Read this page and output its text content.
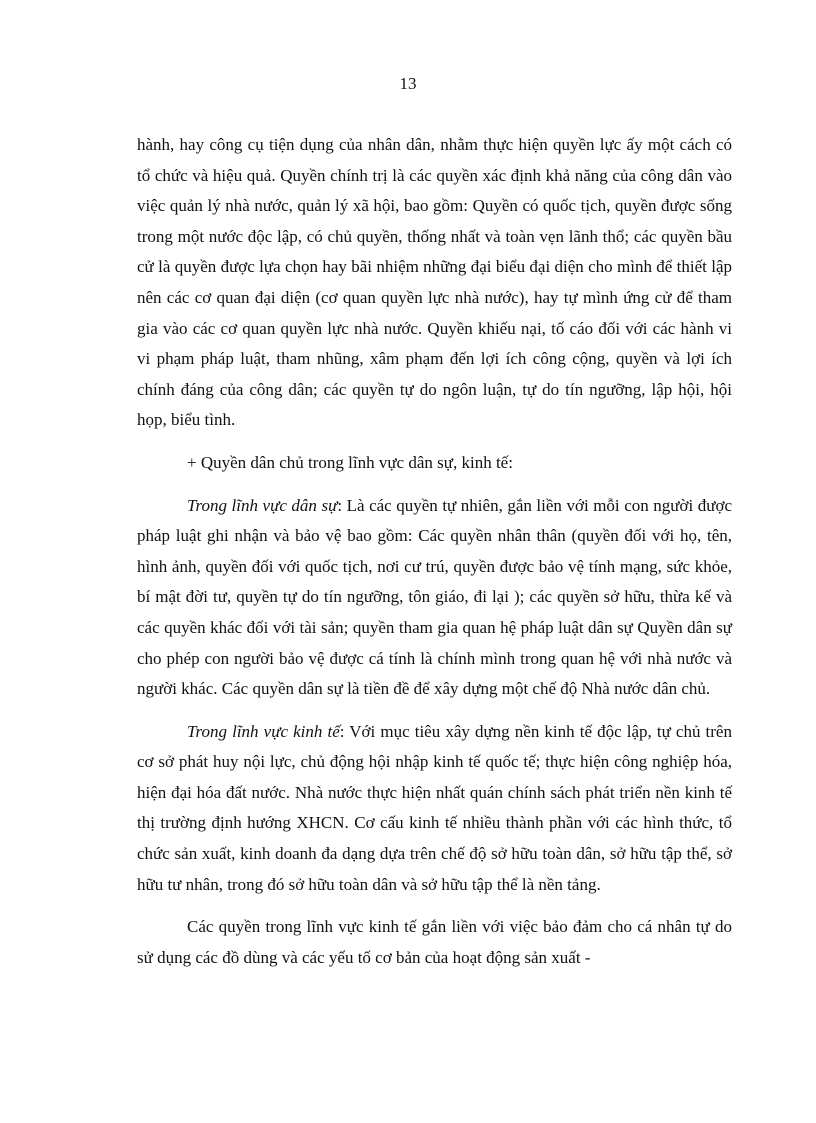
13

hành, hay công cụ tiện dụng của nhân dân, nhằm thực hiện quyền lực ấy một cách có tổ chức và hiệu quả. Quyền chính trị là các quyền xác định khả năng của công dân vào việc quản lý nhà nước, quản lý xã hội, bao gồm: Quyền có quốc tịch, quyền được sống trong một nước độc lập, có chủ quyền, thống nhất và toàn vẹn lãnh thổ; các quyền bầu cử là quyền được lựa chọn hay bãi nhiệm những đại biểu đại diện cho mình để thiết lập nên các cơ quan đại diện (cơ quan quyền lực nhà nước), hay tự mình ứng cử để tham gia vào các cơ quan quyền lực nhà nước. Quyền khiếu nại, tố cáo đối với các hành vi vi phạm pháp luật, tham nhũng, xâm phạm đến lợi ích công cộng, quyền và lợi ích chính đáng của công dân; các quyền tự do ngôn luận, tự do tín ngưỡng, lập hội, hội họp, biểu tình.

+ Quyền dân chủ trong lĩnh vực dân sự, kinh tế:

Trong lĩnh vực dân sự: Là các quyền tự nhiên, gắn liền với mỗi con người được pháp luật ghi nhận và bảo vệ bao gồm: Các quyền nhân thân (quyền đối với họ, tên, hình ảnh, quyền đối với quốc tịch, nơi cư trú, quyền được bảo vệ tính mạng, sức khỏe, bí mật đời tư, quyền tự do tín ngưỡng, tôn giáo, đi lại ); các quyền sở hữu, thừa kế và các quyền khác đối với tài sản; quyền tham gia quan hệ pháp luật dân sự Quyền dân sự cho phép con người bảo vệ được cá tính là chính mình trong quan hệ với nhà nước và người khác. Các quyền dân sự là tiền đề để xây dựng một chế độ Nhà nước dân chủ.

Trong lĩnh vực kinh tế: Với mục tiêu xây dựng nền kinh tế độc lập, tự chủ trên cơ sở phát huy nội lực, chủ động hội nhập kinh tế quốc tế; thực hiện công nghiệp hóa, hiện đại hóa đất nước. Nhà nước thực hiện nhất quán chính sách phát triển nền kinh tế thị trường định hướng XHCN. Cơ cấu kinh tế nhiều thành phần với các hình thức, tổ chức sản xuất, kinh doanh đa dạng dựa trên chế độ sở hữu toàn dân, sở hữu tập thể, sở hữu tư nhân, trong đó sở hữu toàn dân và sở hữu tập thể là nền tảng.

Các quyền trong lĩnh vực kinh tế gắn liền với việc bảo đảm cho cá nhân tự do sử dụng các đồ dùng và các yếu tố cơ bản của hoạt động sản xuất -
